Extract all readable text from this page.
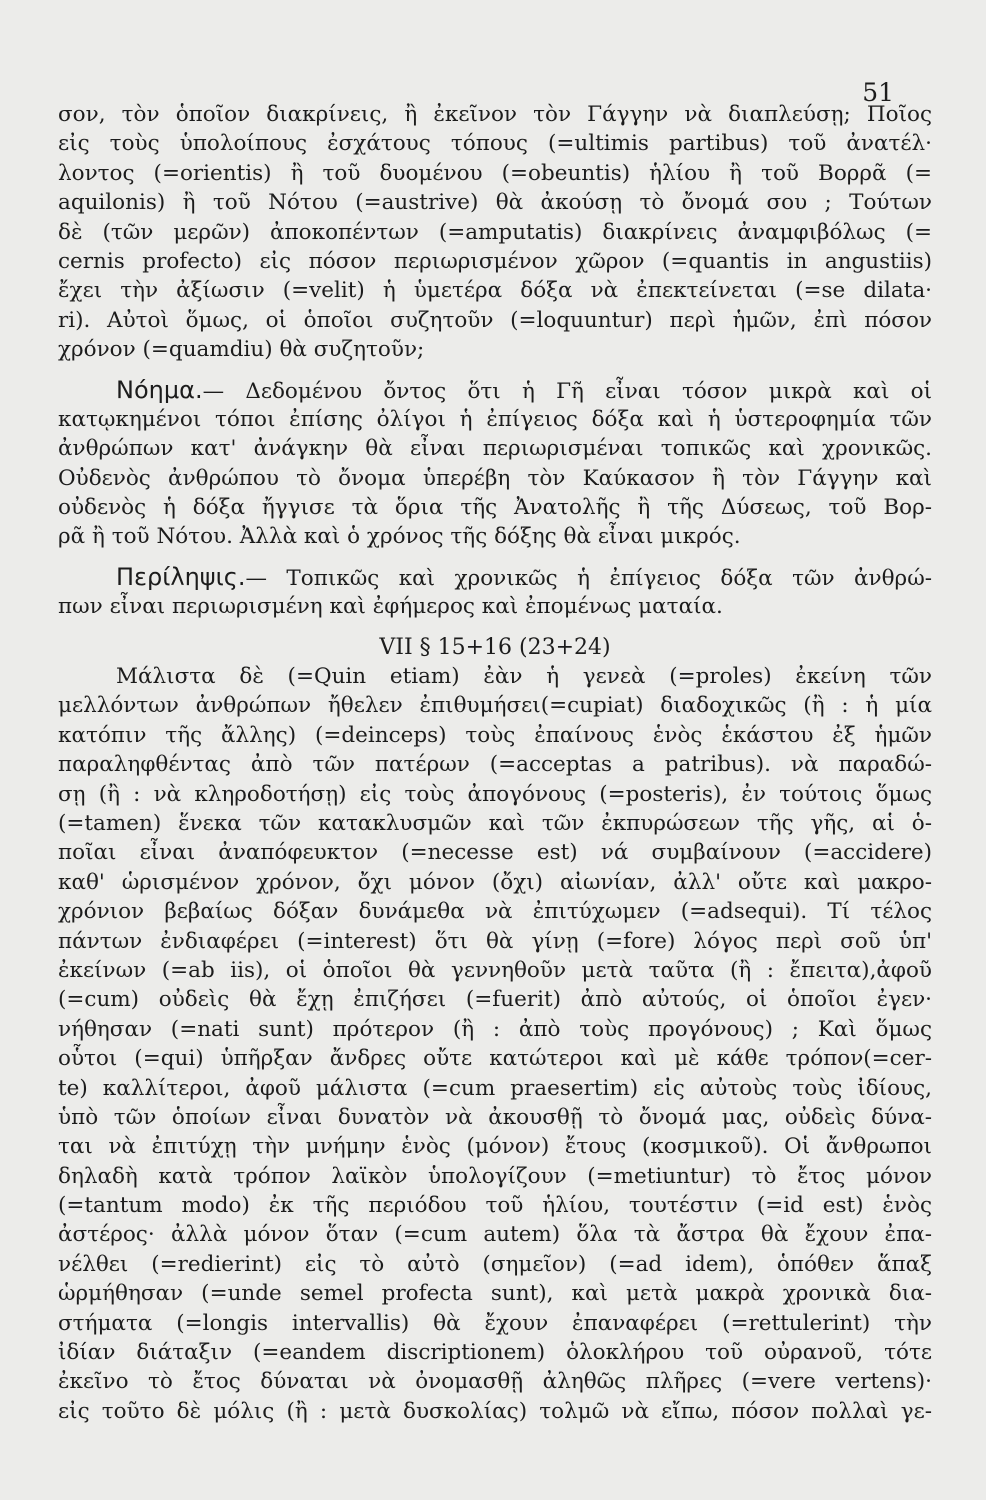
51
σον, τὸν ὁποῖον διακρίνεις, ἢ ἐκεῖνον τὸν Γάγγην νὰ διαπλεύσῃ; Ποῖος
εἰς τοὺς ὑπολοίπους ἐσχάτους τόπους (=ultimis partibus) τοῦ ἀνατέλ·
λοντος (=orientis) ἢ τοῦ δυομένου (=obeuntis) ἡλίου ἢ τοῦ Βορρᾶ (=
aquilonis) ἢ τοῦ Νότου (=austrive) θὰ ἀκούσῃ τὸ ὄνομά σου ; Τούτων
δὲ (τῶν μερῶν) ἀποκοπέντων (=amputatis) διακρίνεις ἀναμφιβόλως (=
cernis profecto) εἰς πόσον περιωρισμένον χῶρον (=quantis in angustiis)
ἔχει τὴν ἀξίωσιν (=velit) ἡ ὑμετέρα δόξα νὰ ἐπεκτείνεται (=se dilata·
ri). Αὐτοὶ ὅμως, οἱ ὁποῖοι συζητοῦν (=loquuntur) περὶ ἡμῶν, ἐπὶ πόσον
χρόνον (=quamdiu) θὰ συζητοῦν;
Νόημα.— Δεδομένου ὄντος ὅτι ἡ Γῆ εἶναι τόσον μικρὰ καὶ οἱ
κατῳκημένοι τόποι ἐπίσης ὀλίγοι ἡ ἐπίγειος δόξα καὶ ἡ ὑστεροφημία τῶν
ἀνθρώπων κατ' ἀνάγκην θὰ εἶναι περιωρισμέναι τοπικῶς καὶ χρονικῶς.
Οὐδενὸς ἀνθρώπου τὸ ὄνομα ὑπερέβη τὸν Καύκασον ἢ τὸν Γάγγην καὶ
οὐδενὸς ἡ δόξα ἤγγισε τὰ ὅρια τῆς Ἀνατολῆς ἢ τῆς Δύσεως, τοῦ Βορ-
ρᾶ ἢ τοῦ Νότου. Ἀλλὰ καὶ ὁ χρόνος τῆς δόξης θὰ εἶναι μικρός.
Περίληψις.— Τοπικῶς καὶ χρονικῶς ἡ ἐπίγειος δόξα τῶν ἀνθρώ-
πων εἶναι περιωρισμένη καὶ ἐφήμερος καὶ ἐπομένως ματαία.
VII § 15+16 (23+24)
Μάλιστα δὲ (=Quin etiam) ἐὰν ἡ γενεὰ (=proles) ἐκείνη τῶν
μελλόντων ἀνθρώπων ἤθελεν ἐπιθυμήσει(=cupiat) διαδοχικῶς (ἢ : ἡ μία
κατόπιν τῆς ἄλλης) (=deinceps) τοὺς ἐπαίνους ἑνὸς ἑκάστου ἐξ ἡμῶν
παραληφθέντας ἀπὸ τῶν πατέρων (=acceptas a patribus). νὰ παραδώ-
σῃ (ἢ : νὰ κληροδοτήσῃ) εἰς τοὺς ἀπογόνους (=posteris), ἐν τούτοις ὅμως
(=tamen) ἕνεκα τῶν κατακλυσμῶν καὶ τῶν ἐκπυρώσεων τῆς γῆς, αἱ ὁ-
ποῖαι εἶναι ἀναπόφευκτον (=necesse est) νά συμβαίνουν (=accidere)
καθ' ὡρισμένον χρόνον, ὄχι μόνον (ὄχι) αἰωνίαν, ἀλλ' οὔτε καὶ μακρο-
χρόνιον βεβαίως δόξαν δυνάμεθα νὰ ἐπιτύχωμεν (=adsequi). Τί τέλος
πάντων ἐνδιαφέρει (=interest) ὅτι θὰ γίνῃ (=fore) λόγος περὶ σοῦ ὑπ'
ἐκείνων (=ab iis), οἱ ὁποῖοι θὰ γεννηθοῦν μετὰ ταῦτα (ἢ : ἔπειτα),ἀφοῦ
(=cum) οὐδεὶς θὰ ἔχῃ ἐπιζήσει (=fuerit) ἀπὸ αὐτούς, οἱ ὁποῖοι ἐγεν·
νήθησαν (=nati sunt) πρότερον (ἢ : ἀπὸ τοὺς προγόνους) ; Καὶ ὅμως
οὗτοι (=qui) ὑπῆρξαν ἄνδρες οὔτε κατώτεροι καὶ μὲ κάθε τρόπον(=cer-
te) καλλίτεροι, ἀφοῦ μάλιστα (=cum praesertim) εἰς αὐτοὺς τοὺς ἰδίους,
ὑπὸ τῶν ὁποίων εἶναι δυνατὸν νὰ ἀκουσθῇ τὸ ὄνομά μας, οὐδεὶς δύνα-
ται νὰ ἐπιτύχῃ τὴν μνήμην ἑνὸς (μόνον) ἔτους (κοσμικοῦ). Οἱ ἄνθρωποι
δηλαδὴ κατὰ τρόπον λαϊκὸν ὑπολογίζουν (=metiuntur) τὸ ἔτος μόνον
(=tantum modo) ἐκ τῆς περιόδου τοῦ ἡλίου, τουτέστιν (=id est) ἑνὸς
ἀστέρος· ἀλλὰ μόνον ὅταν (=cum autem) ὅλα τὰ ἄστρα θὰ ἔχουν ἐπα-
νέλθει (=redierint) εἰς τὸ αὐτὸ (σημεῖον) (=ad idem), ὁπόθεν ἅπαξ
ὡρμήθησαν (=unde semel profecta sunt), καὶ μετὰ μακρὰ χρονικὰ δια-
στήματα (=longis intervallis) θὰ ἔχουν ἐπαναφέρει (=rettulerint) τὴν
ἰδίαν διάταξιν (=eandem discriptionem) ὁλοκλήρου τοῦ οὐρανοῦ, τότε
ἐκεῖνο τὸ ἔτος δύναται νὰ ὀνομασθῇ ἀληθῶς πλῆρες (=vere vertens)·
εἰς τοῦτο δὲ μόλις (ἢ : μετὰ δυσκολίας) τολμῶ νὰ εἴπω, πόσον πολλαὶ γε-
